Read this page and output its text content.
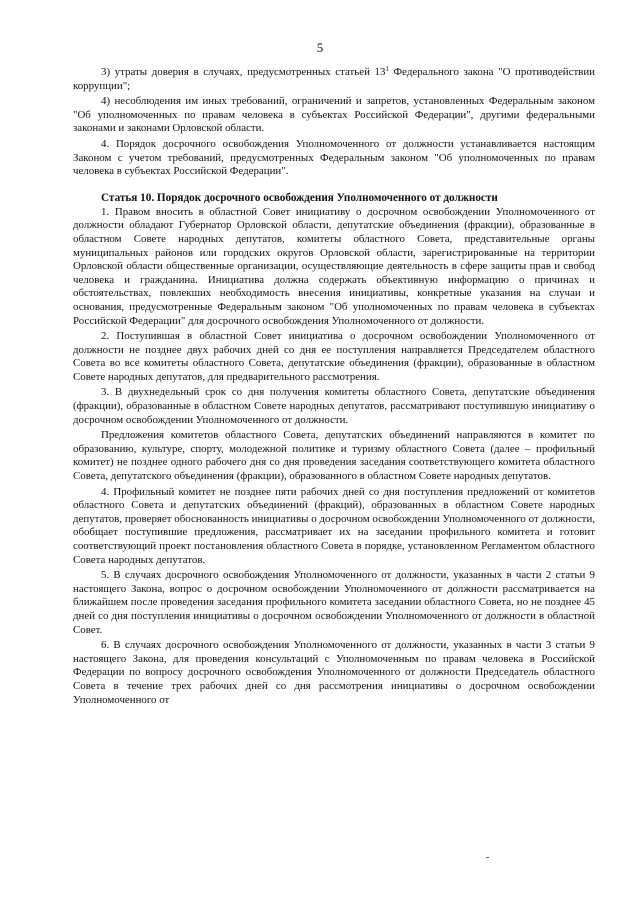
5

3) утраты доверия в случаях, предусмотренных статьей $13^1$ Федерального закона "О противодействии коррупции";

4) несоблюдения им иных требований, ограничений и запретов, установленных Федеральным законом "Об уполномоченных по правам человека в субъектах Российской Федерации", другими федеральными законами и законами Орловской области.

4. Порядок досрочного освобождения Уполномоченного от должности устанавливается настоящим Законом с учетом требований, предусмотренных Федеральным законом "Об уполномоченных по правам человека в субъектах Российской Федерации".

Статья 10. Порядок досрочного освобождения Уполномоченного от должности

1. Правом вносить в областной Совет инициативу о досрочном освобождении Уполномоченного от должности обладают Губернатор Орловской области, депутатские объединения (фракции), образованные в областном Совете народных депутатов, комитеты областного Совета, представительные органы муниципальных районов или городских округов Орловской области, зарегистрированные на территории Орловской области общественные организации, осуществляющие деятельность в сфере защиты прав и свобод человека и гражданина. Инициатива должна содержать объективную информацию о причинах и обстоятельствах, повлекших необходимость внесения инициативы, конкретные указания на случаи и основания, предусмотренные Федеральным законом "Об уполномоченных по правам человека в субъектах Российской Федерации" для досрочного освобождения Уполномоченного от должности.

2. Поступившая в областной Совет инициатива о досрочном освобождении Уполномоченного от должности не позднее двух рабочих дней со дня ее поступления направляется Председателем областного Совета во все комитеты областного Совета, депутатские объединения (фракции), образованные в областном Совете народных депутатов, для предварительного рассмотрения.

3. В двухнедельный срок со дня получения комитеты областного Совета, депутатские объединения (фракции), образованные в областном Совете народных депутатов, рассматривают поступившую инициативу о досрочном освобождении Уполномоченного от должности.

Предложения комитетов областного Совета, депутатских объединений направляются в комитет по образованию, культуре, спорту, молодежной политике и туризму областного Совета (далее – профильный комитет) не позднее одного рабочего дня со дня проведения заседания соответствующего комитета областного Совета, депутатского объединения (фракции), образованного в областном Совете народных депутатов.

4. Профильный комитет не позднее пяти рабочих дней со дня поступления предложений от комитетов областного Совета и депутатских объединений (фракций), образованных в областном Совете народных депутатов, проверяет обоснованность инициативы о досрочном освобождении Уполномоченного от должности, обобщает поступившие предложения, рассматривает их на заседании профильного комитета и готовит соответствующий проект постановления областного Совета в порядке, установленном Регламентом областного Совета народных депутатов.

5. В случаях досрочного освобождения Уполномоченного от должности, указанных в части 2 статьи 9 настоящего Закона, вопрос о досрочном освобождении Уполномоченного от должности рассматривается на ближайшем после проведения заседания профильного комитета заседании областного Совета, но не позднее 45 дней со дня поступления инициативы о досрочном освобождении Уполномоченного от должности в областной Совет.

6. В случаях досрочного освобождения Уполномоченного от должности, указанных в части 3 статьи 9 настоящего Закона, для проведения консультаций с Уполномоченным по правам человека в Российской Федерации по вопросу досрочного освобождения Уполномоченного от должности Председатель областного Совета в течение трех рабочих дней со дня рассмотрения инициативы о досрочном освобождении Уполномоченного от
